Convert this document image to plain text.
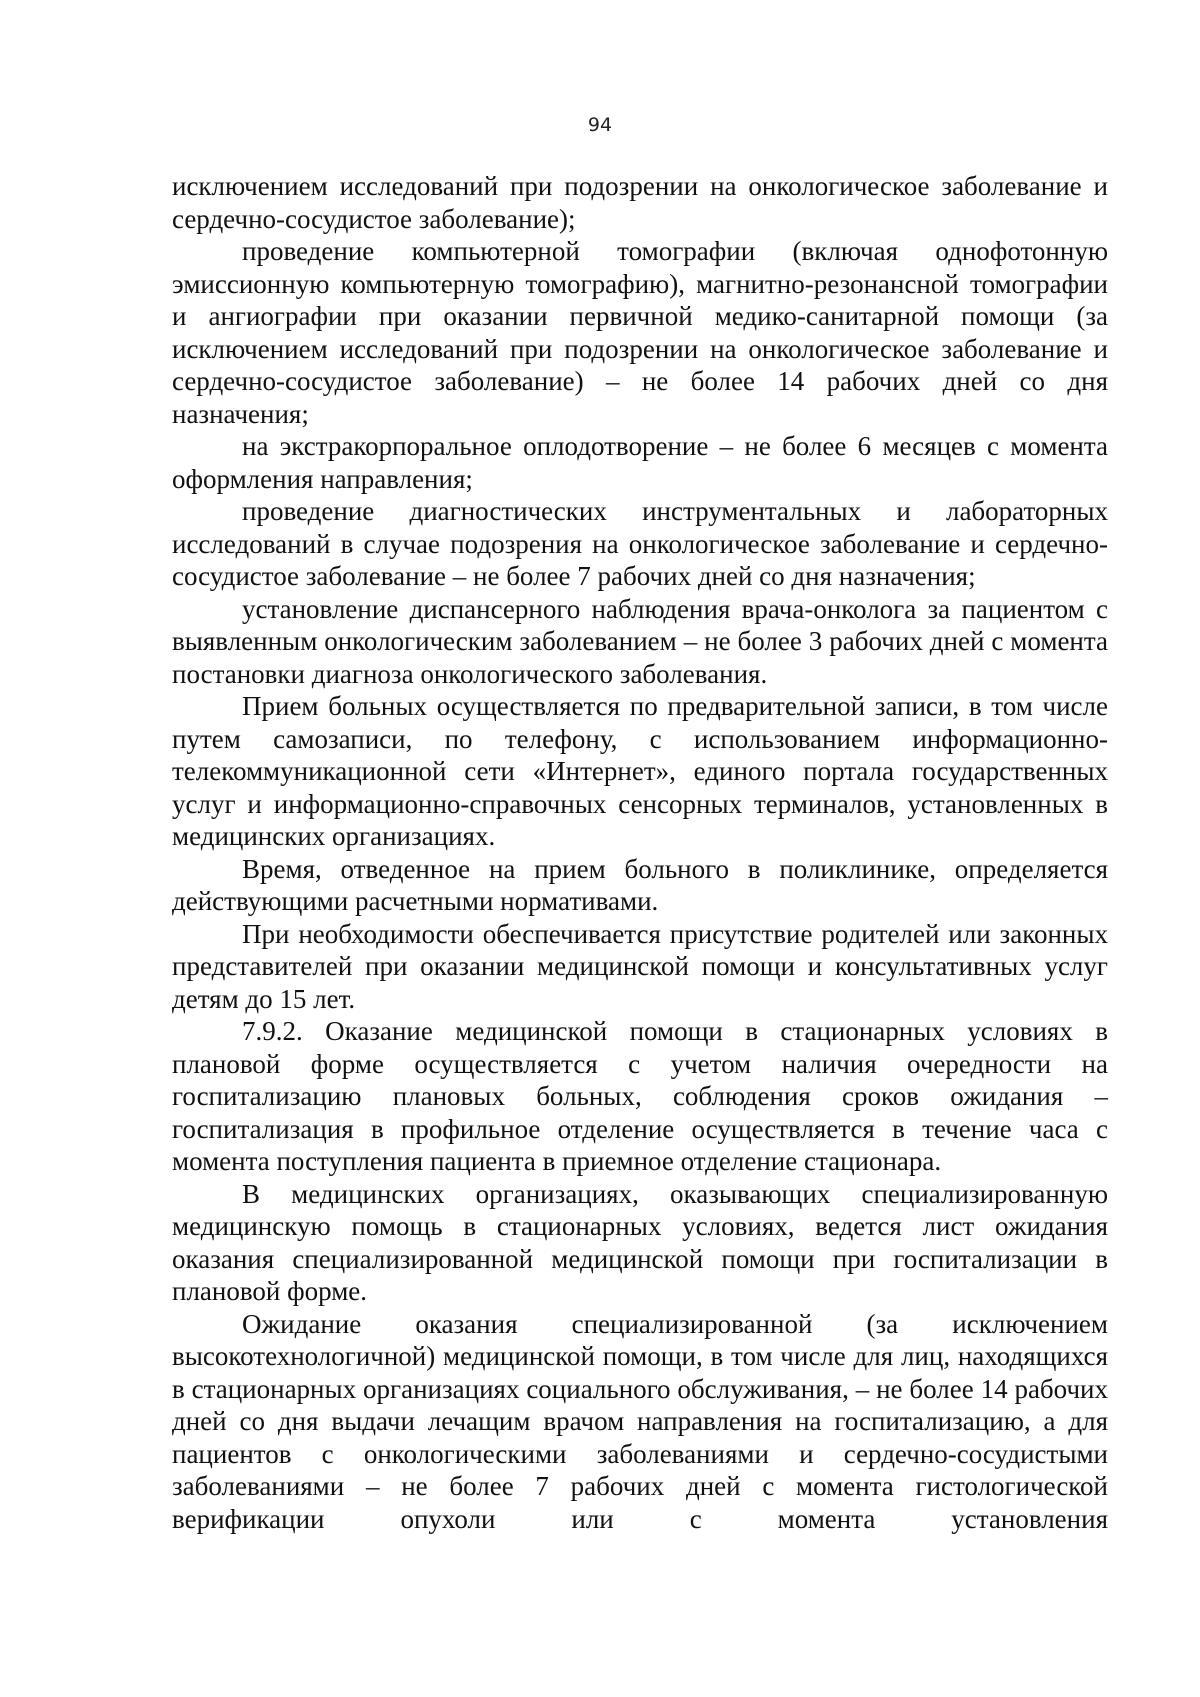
94

исключением исследований при подозрении на онкологическое заболевание и сердечно-сосудистое заболевание);

проведение компьютерной томографии (включая однофотонную эмиссионную компьютерную томографию), магнитно-резонансной томографии и ангиографии при оказании первичной медико-санитарной помощи (за исключением исследований при подозрении на онкологическое заболевание и сердечно-сосудистое заболевание) – не более 14 рабочих дней со дня назначения;

на экстракорпоральное оплодотворение – не более 6 месяцев с момента оформления направления;

проведение диагностических инструментальных и лабораторных исследований в случае подозрения на онкологическое заболевание и сердечно-сосудистое заболевание – не более 7 рабочих дней со дня назначения;

установление диспансерного наблюдения врача-онколога за пациентом с выявленным онкологическим заболеванием – не более 3 рабочих дней с момента постановки диагноза онкологического заболевания.

Прием больных осуществляется по предварительной записи, в том числе путем самозаписи, по телефону, с использованием информационно-телекоммуникационной сети «Интернет», единого портала государственных услуг и информационно-справочных сенсорных терминалов, установленных в медицинских организациях.

Время, отведенное на прием больного в поликлинике, определяется действующими расчетными нормативами.

При необходимости обеспечивается присутствие родителей или законных представителей при оказании медицинской помощи и консультативных услуг детям до 15 лет.

7.9.2. Оказание медицинской помощи в стационарных условиях в плановой форме осуществляется с учетом наличия очередности на госпитализацию плановых больных, соблюдения сроков ожидания – госпитализация в профильное отделение осуществляется в течение часа с момента поступления пациента в приемное отделение стационара.

В медицинских организациях, оказывающих специализированную медицинскую помощь в стационарных условиях, ведется лист ожидания оказания специализированной медицинской помощи при госпитализации в плановой форме.

Ожидание оказания специализированной (за исключением высокотехнологичной) медицинской помощи, в том числе для лиц, находящихся в стационарных организациях социального обслуживания, – не более 14 рабочих дней со дня выдачи лечащим врачом направления на госпитализацию, а для пациентов с онкологическими заболеваниями и сердечно-сосудистыми заболеваниями – не более 7 рабочих дней с момента гистологической верификации опухоли или с момента установления
